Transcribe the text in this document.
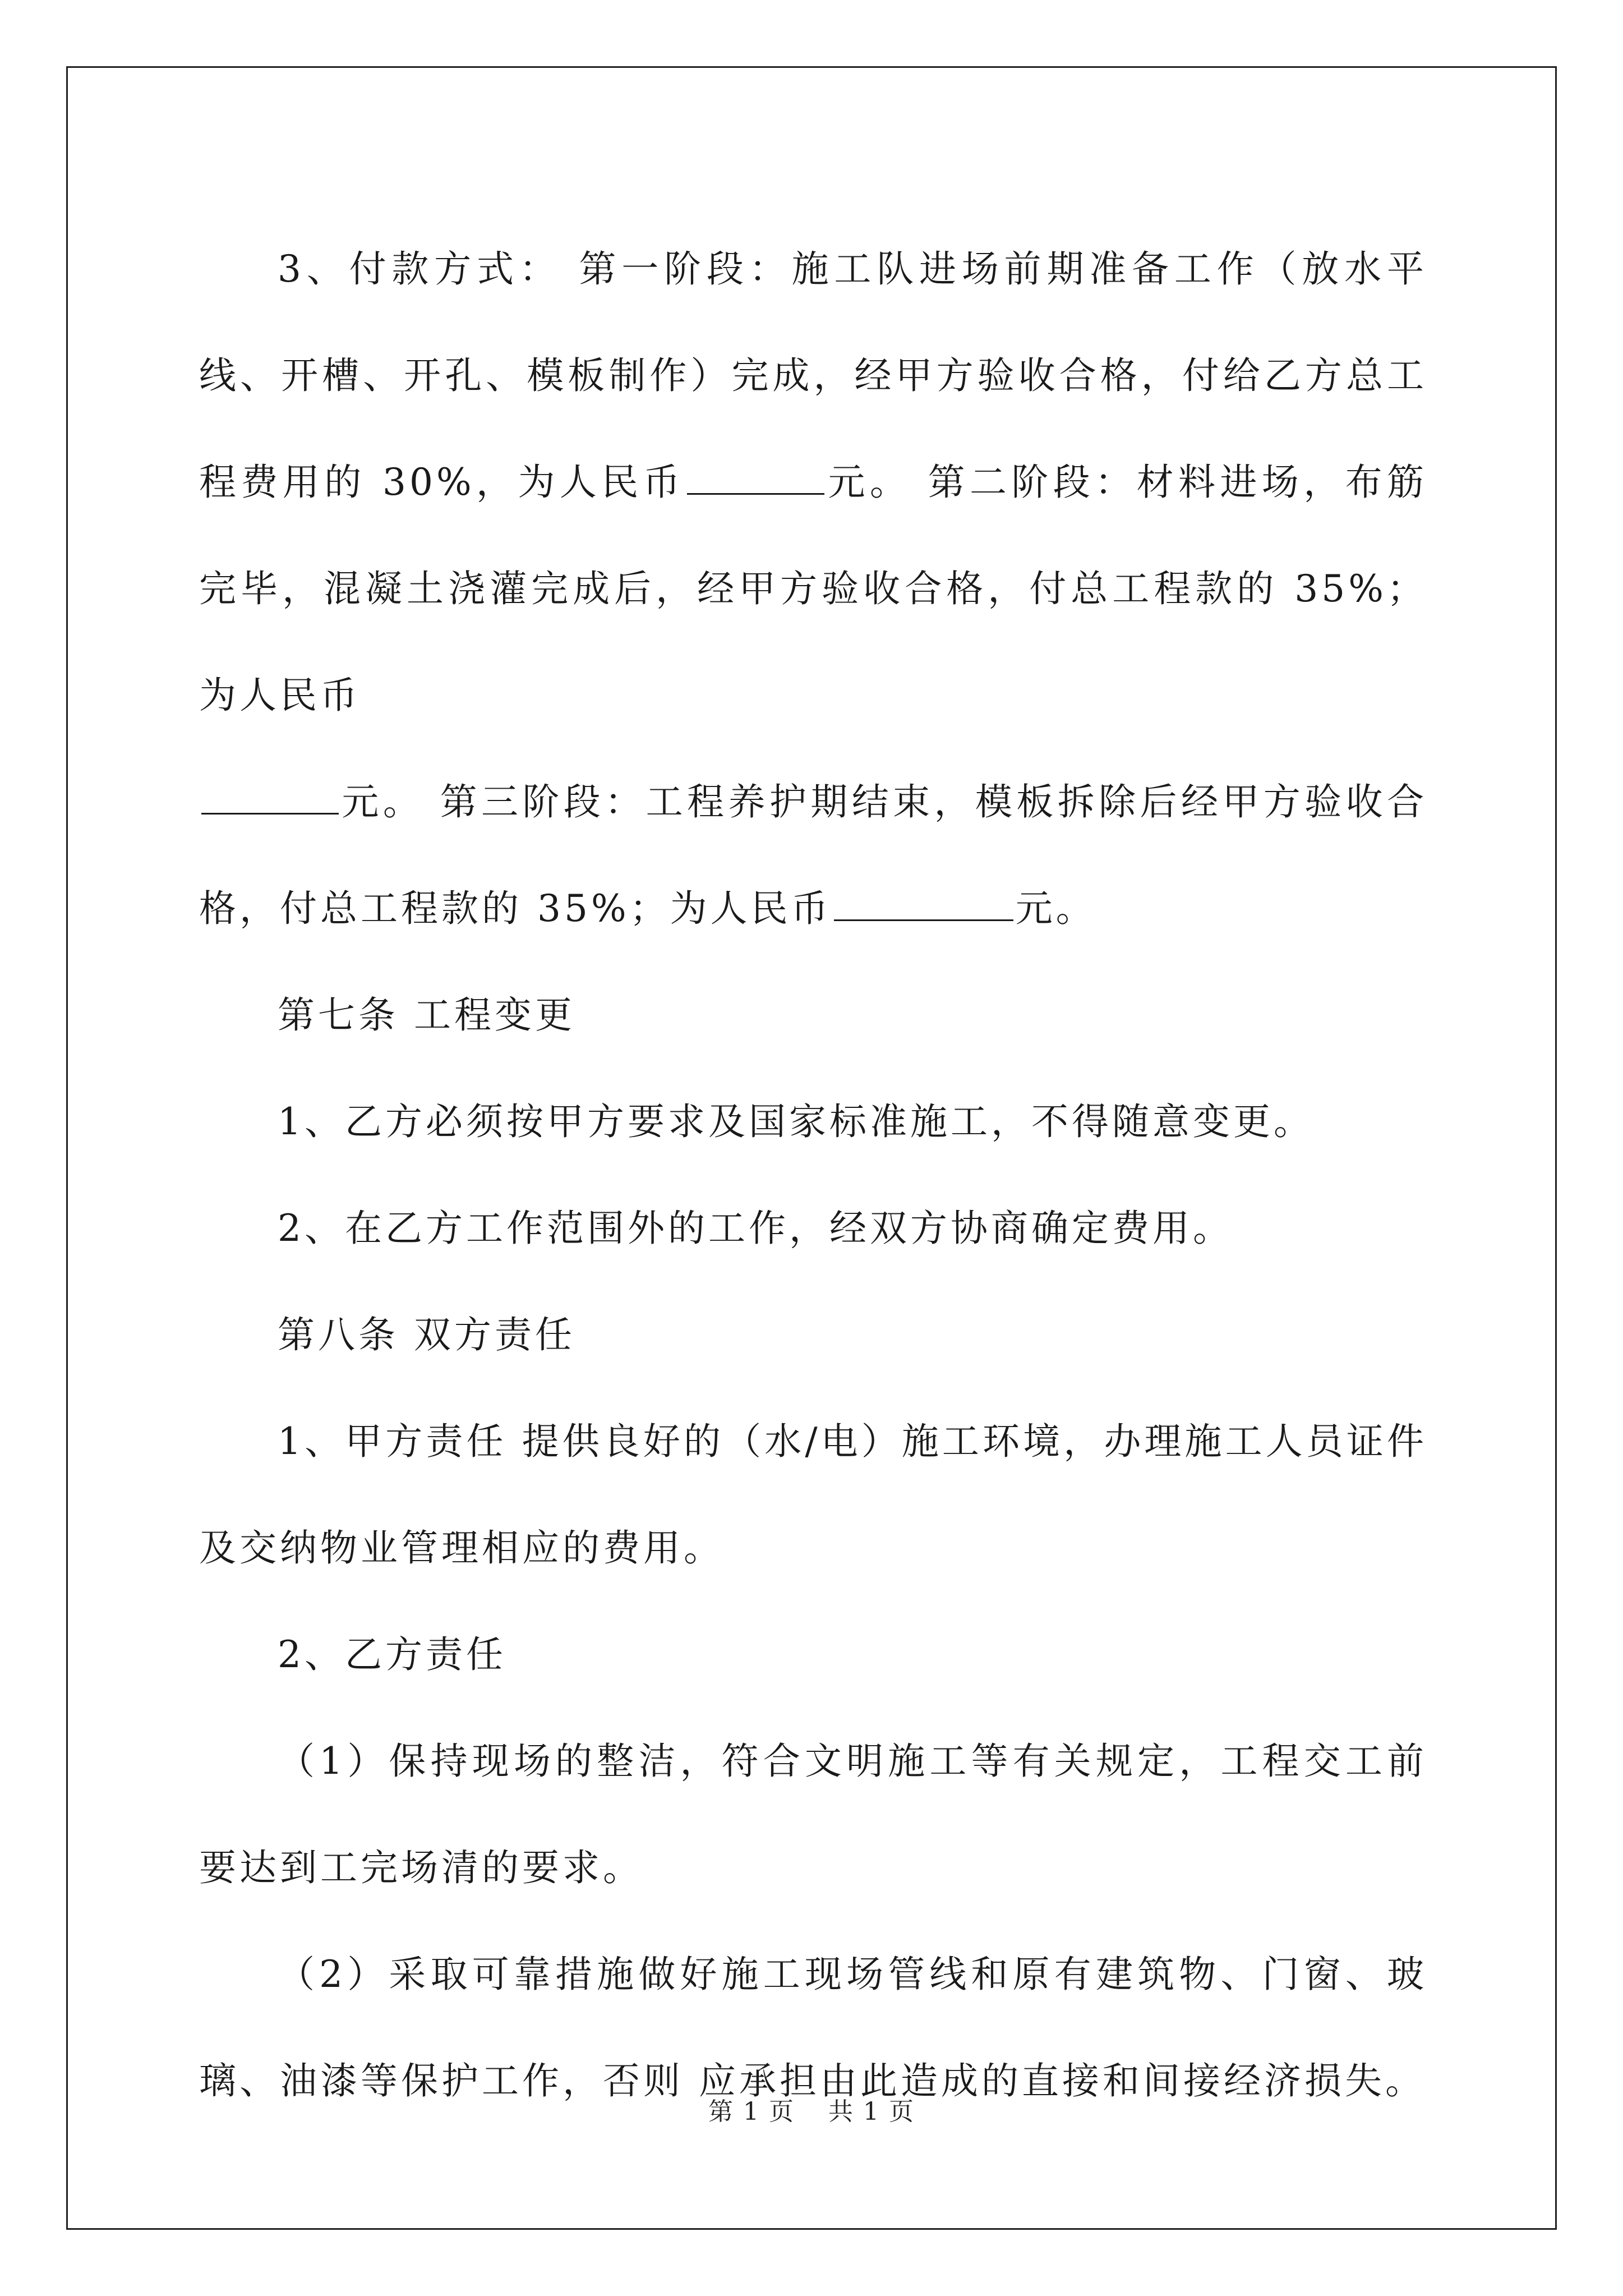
3、付款方式： 第一阶段：施工队进场前期准备工作（放水平线、开槽、开孔、模板制作）完成，经甲方验收合格，付给乙方总工程费用的 30%，为人民币	元。 第二阶段：材料进场，布筋完毕，混凝土浇灌完成后，经甲方验收合格，付总工程款的 35%；为人民币
元。 第三阶段：工程养护期结束，模板拆除后经甲方验收合格，付总工程款的 35%；为人民币	元。

第七条 工程变更

1、乙方必须按甲方要求及国家标准施工，不得随意变更。

2、在乙方工作范围外的工作，经双方协商确定费用。

第八条 双方责任

1、甲方责任 提供良好的（水/电）施工环境，办理施工人员证件及交纳物业管理相应的费用。

2、乙方责任

（1）保持现场的整洁，符合文明施工等有关规定，工程交工前要达到工完场清的要求。

（2）采取可靠措施做好施工现场管线和原有建筑物、门窗、玻璃、油漆等保护工作，否则 应承担由此造成的直接和间接经济损失。

第 1 页 共 1 页
